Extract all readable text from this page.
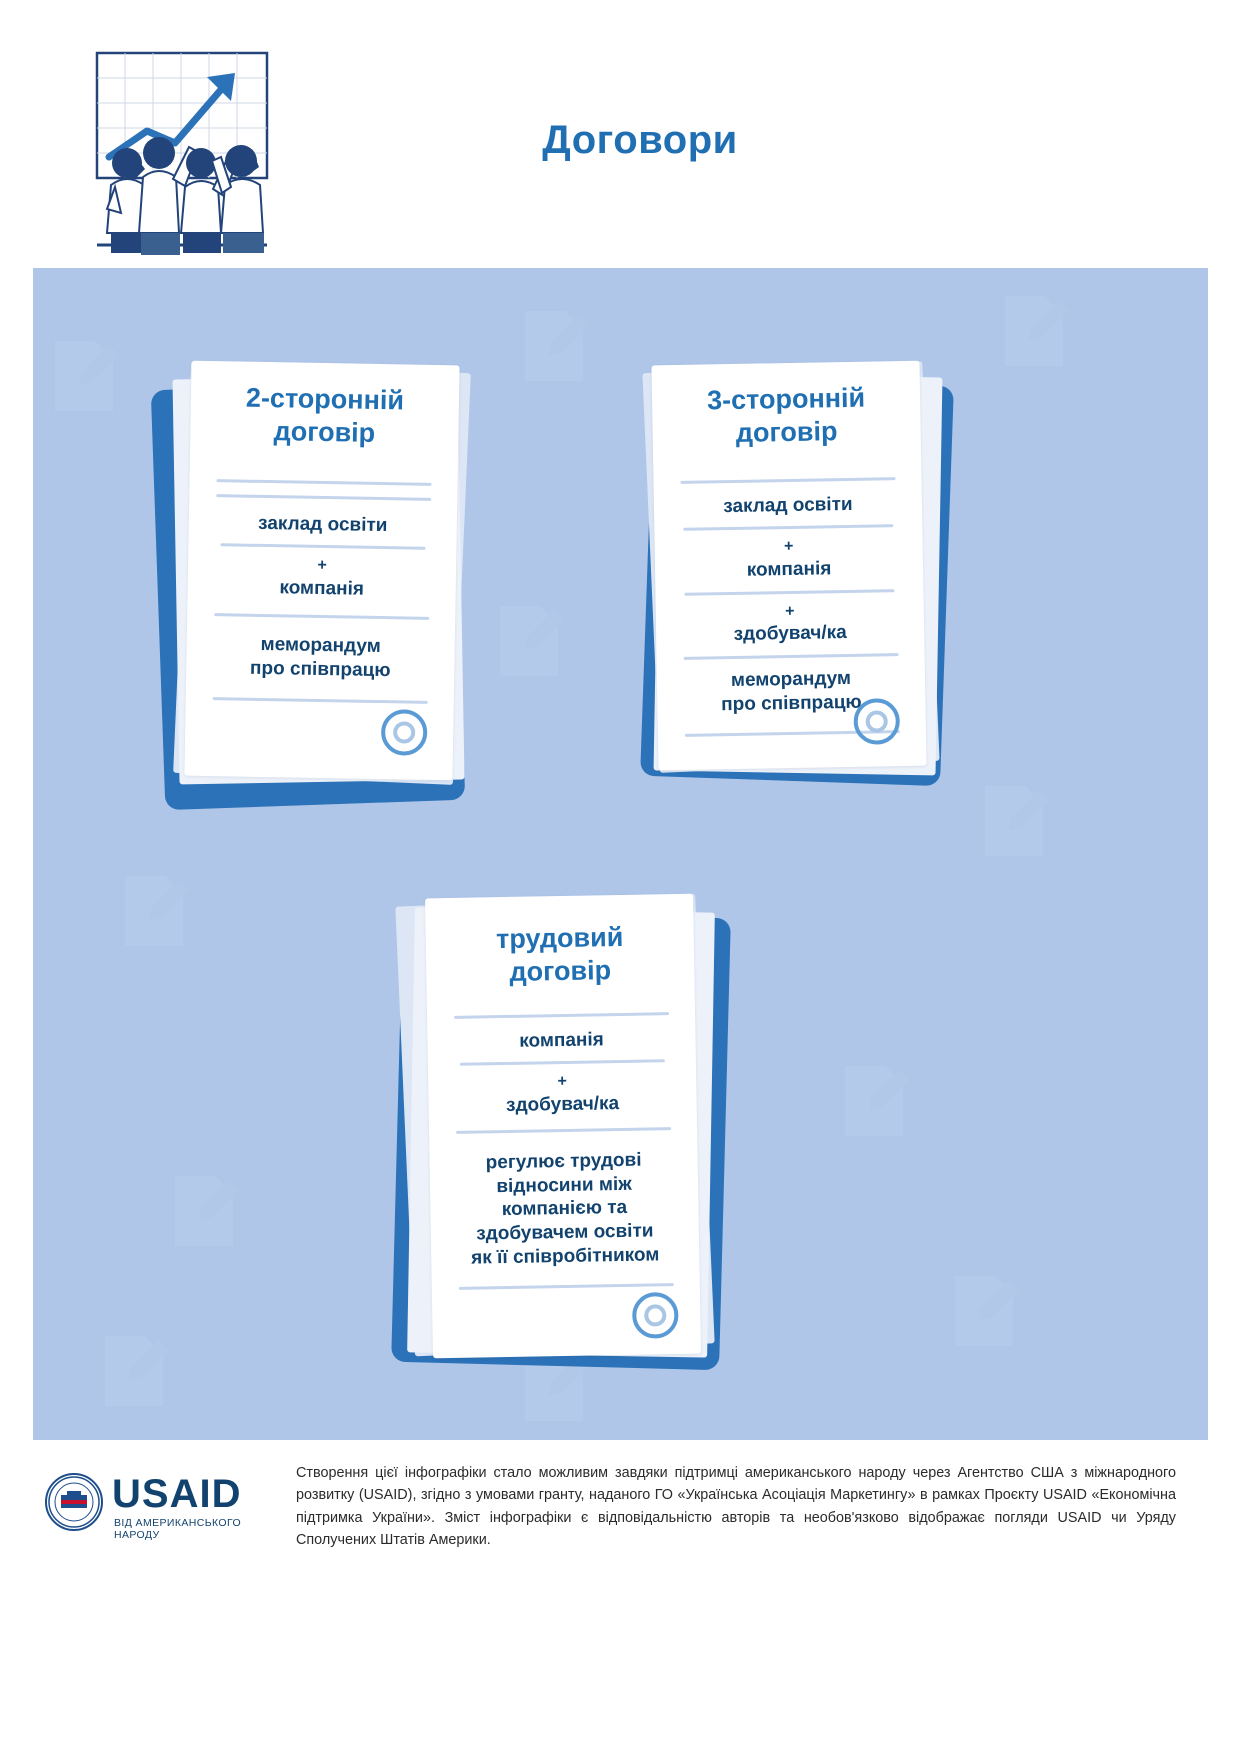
Договори
2-сторонній
договір
заклад освіти
+
компанія
меморандум
про співпрацю
3-сторонній
договір
заклад освіти
+
компанія
+
здобувач/ка
меморандум
про співпрацю
трудовий
договір
компанія
+
здобувач/ка
регулює трудові
відносини між
компанією та
здобувачем освіти
як її співробітником
USAID
ВІД АМЕРИКАНСЬКОГО НАРОДУ
Створення цієї інфографіки стало можливим завдяки підтримці американського народу через Агентство США з міжнародного розвитку (USAID), згідно з умовами гранту, наданого ГО «Українська Асоціація Маркетингу» в рамках Проєкту USAID «Економічна підтримка України». Зміст інфографіки є відповідальністю авторів та необов'язково відображає погляди USAID чи Уряду Сполучених Штатів Америки.
